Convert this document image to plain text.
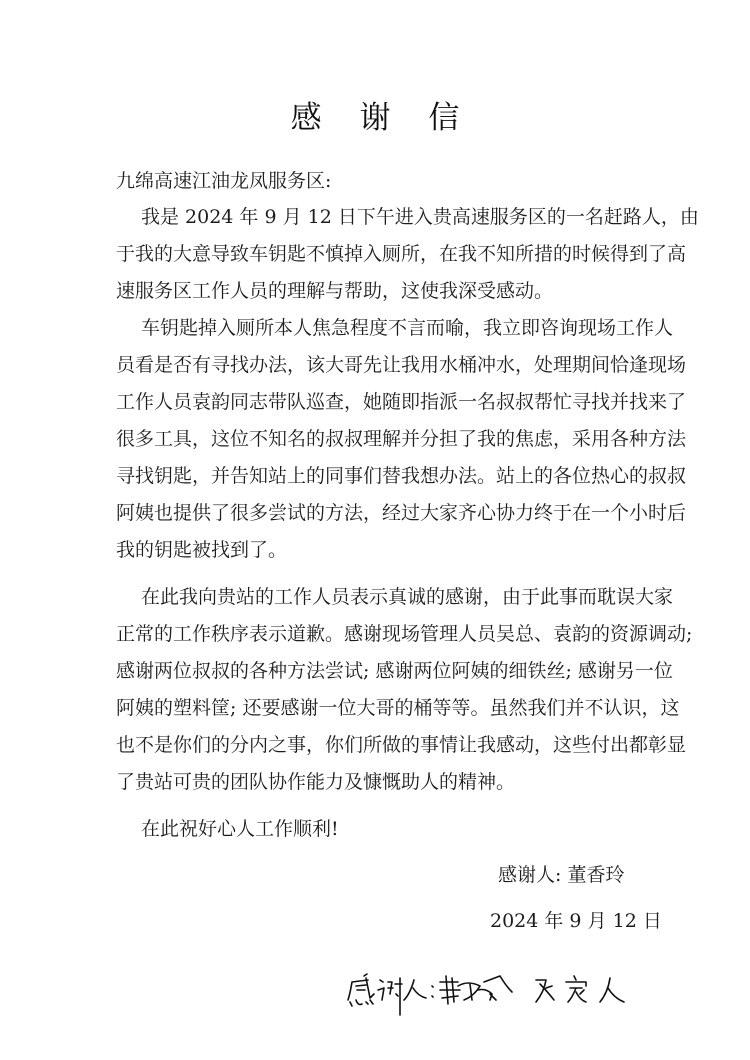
感 谢 信
九绵高速江油龙凤服务区:
我是 2024 年 9 月 12 日下午进入贵高速服务区的一名赶路人，由
于我的大意导致车钥匙不慎掉入厕所，在我不知所措的时候得到了高
速服务区工作人员的理解与帮助，这使我深受感动。
车钥匙掉入厕所本人焦急程度不言而喻，我立即咨询现场工作人
员看是否有寻找办法，该大哥先让我用水桶冲水，处理期间恰逢现场
工作人员袁韵同志带队巡查，她随即指派一名叔叔帮忙寻找并找来了
很多工具，这位不知名的叔叔理解并分担了我的焦虑，采用各种方法
寻找钥匙，并告知站上的同事们替我想办法。站上的各位热心的叔叔
阿姨也提供了很多尝试的方法，经过大家齐心协力终于在一个小时后
我的钥匙被找到了。
在此我向贵站的工作人员表示真诚的感谢，由于此事而耽误大家
正常的工作秩序表示道歉。感谢现场管理人员吴总、袁韵的资源调动;
感谢两位叔叔的各种方法尝试; 感谢两位阿姨的细铁丝; 感谢另一位
阿姨的塑料筐; 还要感谢一位大哥的桶等等。虽然我们并不认识，这
也不是你们的分内之事，你们所做的事情让我感动，这些付出都彰显
了贵站可贵的团队协作能力及慷慨助人的精神。
在此祝好心人工作顺利!
感谢人: 董香玲
2024 年 9 月 12 日
